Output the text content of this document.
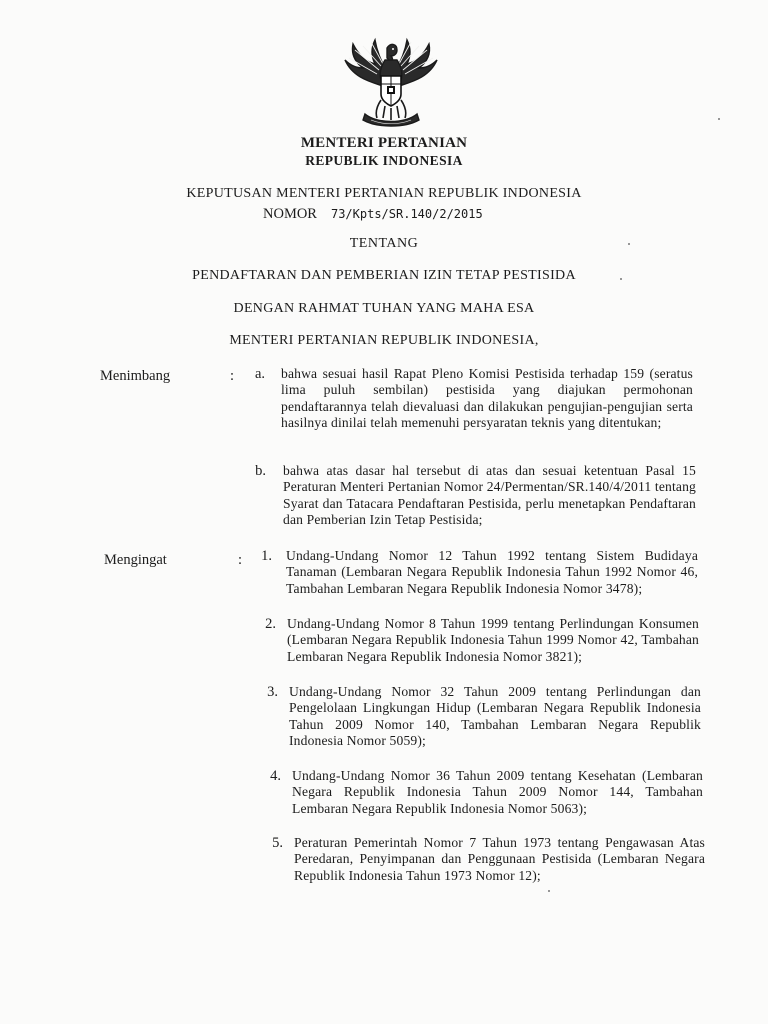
MENTERI PERTANIAN
REPUBLIK INDONESIA
KEPUTUSAN MENTERI PERTANIAN REPUBLIK INDONESIA
NOMOR 73/Kpts/SR.140/2/2015
TENTANG
PENDAFTARAN DAN PEMBERIAN IZIN TETAP PESTISIDA
DENGAN RAHMAT TUHAN YANG MAHA ESA
MENTERI PERTANIAN REPUBLIK INDONESIA,
Menimbang	:	a. bahwa sesuai hasil Rapat Pleno Komisi Pestisida terhadap 159 (seratus lima puluh sembilan) pestisida yang diajukan permohonan pendaftarannya telah dievaluasi dan dilakukan pengujian-pengujian serta hasilnya dinilai telah memenuhi persyaratan teknis yang ditentukan;
b. bahwa atas dasar hal tersebut di atas dan sesuai ketentuan Pasal 15 Peraturan Menteri Pertanian Nomor 24/Permentan/SR.140/4/2011 tentang Syarat dan Tatacara Pendaftaran Pestisida, perlu menetapkan Pendaftaran dan Pemberian Izin Tetap Pestisida;
Mengingat	:	1. Undang-Undang Nomor 12 Tahun 1992 tentang Sistem Budidaya Tanaman (Lembaran Negara Republik Indonesia Tahun 1992 Nomor 46, Tambahan Lembaran Negara Republik Indonesia Nomor 3478);
2. Undang-Undang Nomor 8 Tahun 1999 tentang Perlindungan Konsumen (Lembaran Negara Republik Indonesia Tahun 1999 Nomor 42, Tambahan Lembaran Negara Republik Indonesia Nomor 3821);
3. Undang-Undang Nomor 32 Tahun 2009 tentang Perlindungan dan Pengelolaan Lingkungan Hidup (Lembaran Negara Republik Indonesia Tahun 2009 Nomor 140, Tambahan Lembaran Negara Republik Indonesia Nomor 5059);
4. Undang-Undang Nomor 36 Tahun 2009 tentang Kesehatan (Lembaran Negara Republik Indonesia Tahun 2009 Nomor 144, Tambahan Lembaran Negara Republik Indonesia Nomor 5063);
5. Peraturan Pemerintah Nomor 7 Tahun 1973 tentang Pengawasan Atas Peredaran, Penyimpanan dan Penggunaan Pestisida (Lembaran Negara Republik Indonesia Tahun 1973 Nomor 12);
